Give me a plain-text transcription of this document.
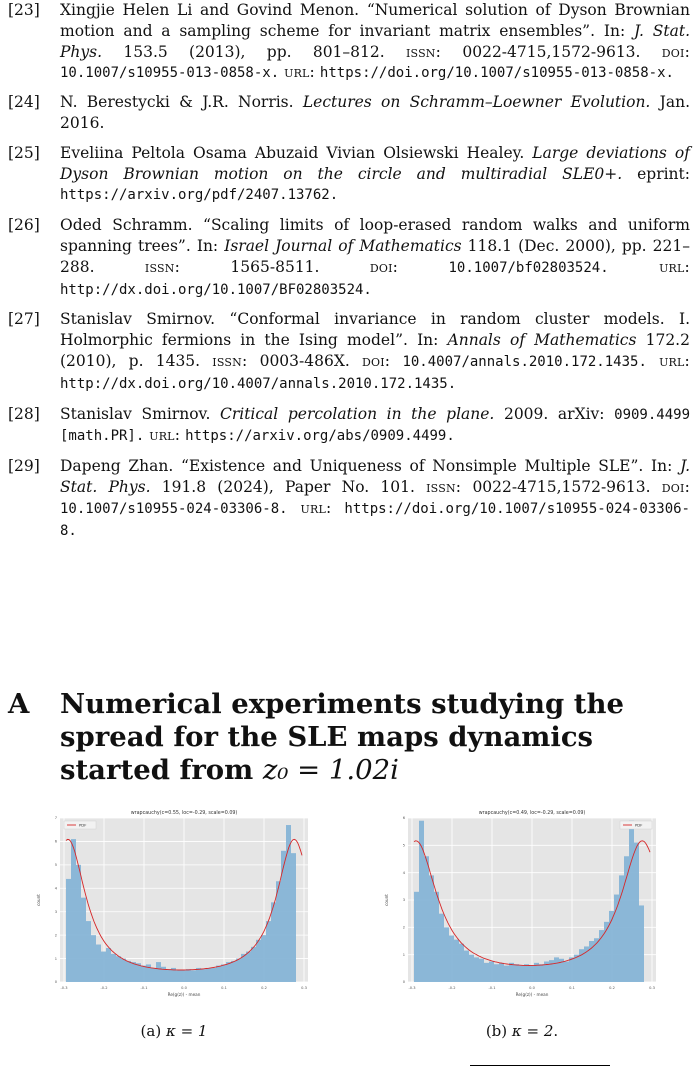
[23] Xingjie Helen Li and Govind Menon. “Numerical solution of Dyson Brownian motion and a sampling scheme for invariant matrix ensembles”. In: J. Stat. Phys. 153.5 (2013), pp. 801–812. issn: 0022-4715,1572-9613. doi: 10.1007/s10955-013-0858-x. url: https://doi.org/10.1007/s10955-013-0858-x.
[24] N. Berestycki & J.R. Norris. Lectures on Schramm–Loewner Evolution. Jan. 2016.
[25] Eveliina Peltola Osama Abuzaid Vivian Olsiewski Healey. Large deviations of Dyson Brownian motion on the circle and multiradial SLE0+. eprint: https://arxiv.org/pdf/2407.13762.
[26] Oded Schramm. “Scaling limits of loop-erased random walks and uniform spanning trees”. In: Israel Journal of Mathematics 118.1 (Dec. 2000), pp. 221–288.	issn:	1565-8511.	doi:	10.1007/bf02803524.	url: http://dx.doi.org/10.1007/BF02803524.
[27] Stanislav Smirnov. “Conformal invariance in random cluster models. I. Holmorphic fermions in the Ising model”. In: Annals of Mathematics 172.2 (2010), p. 1435. issn: 0003-486X. doi: 10.4007/annals.2010.172.1435. url: http://dx.doi.org/10.4007/annals.2010.172.1435.
[28] Stanislav Smirnov. Critical percolation in the plane. 2009. arXiv: 0909.4499 [math.PR]. url: https://arxiv.org/abs/0909.4499.
[29] Dapeng Zhan. “Existence and Uniqueness of Nonsimple Multiple SLE”. In: J. Stat. Phys. 191.8 (2024), Paper No. 101. issn: 0022-4715,1572-9613. doi: 10.1007/s10955-024-03306-8. url: https://doi.org/10.1007/s10955-024-03306-8.
A Numerical experiments studying the spread for the SLE maps dynamics started from z₀ = 1.02i
-0.3	-0.2	-0.1	0.0	0.1	0.2	0.3
0
1
2
3
4
5
6
7
wrapcauchy(c=0.55, loc=-0.29, scale=0.09)
Re(g(z)) - mean
count
PDF
(a) κ = 1
-0.3	-0.2	-0.1	0.0	0.1	0.2	0.3
0
1
2
3
4
5
6
wrapcauchy(c=0.49, loc=-0.29, scale=0.09)
Re(g(z)) - mean
count
PDF
(b) κ = 2.
